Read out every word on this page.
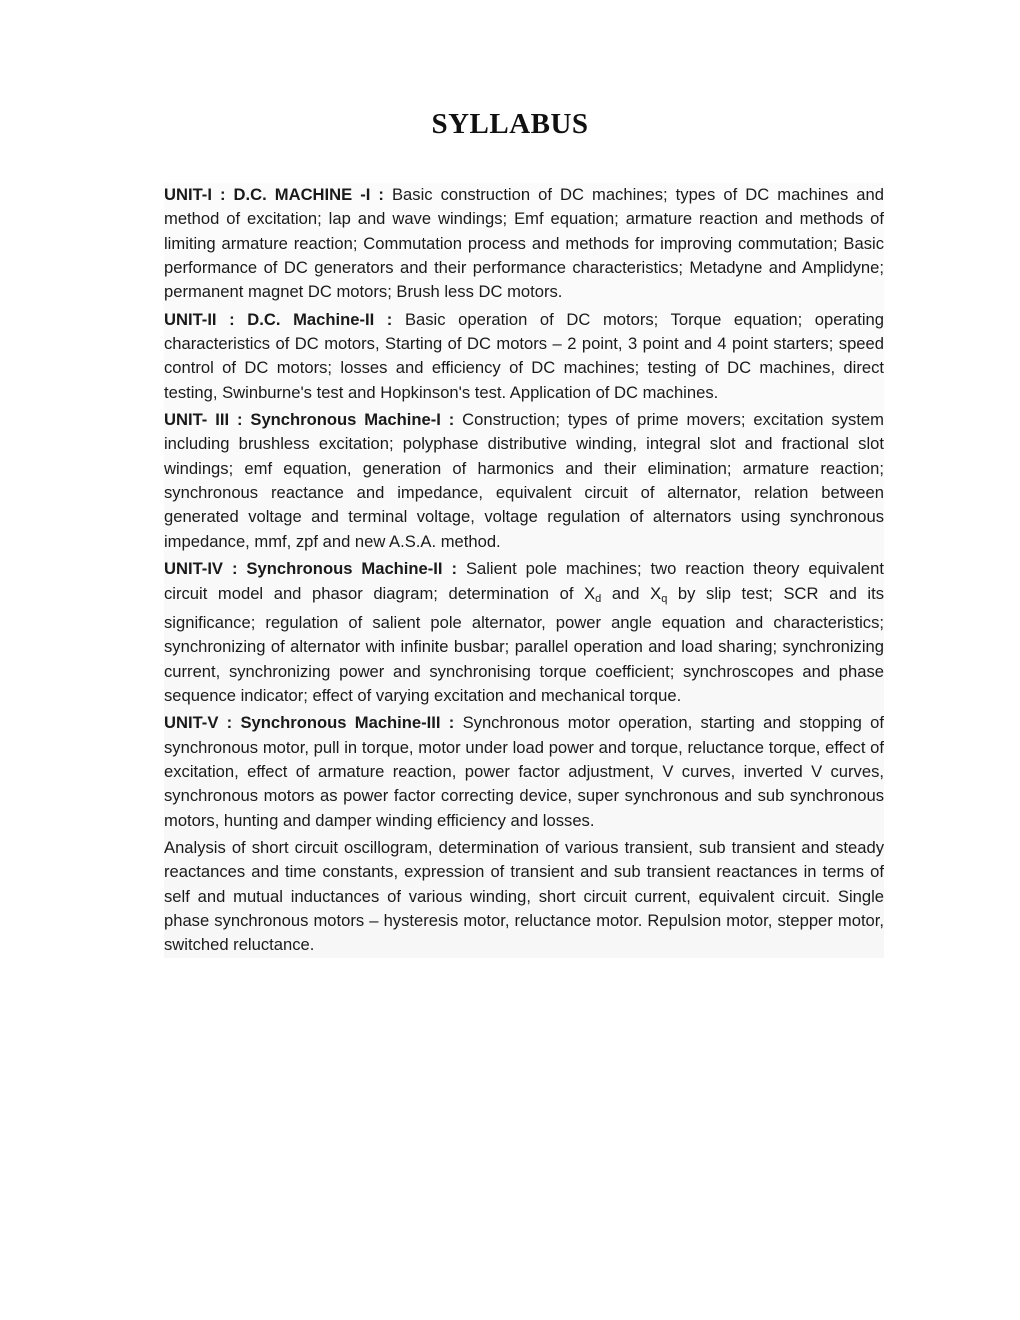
SYLLABUS

UNIT-I : D.C. MACHINE -I : Basic construction of DC machines; types of DC machines and method of excitation; lap and wave windings; Emf equation; armature reaction and methods of limiting armature reaction; Commutation process and methods for improving commutation; Basic performance of DC generators and their performance characteristics; Metadyne and Amplidyne; permanent magnet DC motors; Brush less DC motors.

UNIT-II : D.C. Machine-II : Basic operation of DC motors; Torque equation; operating characteristics of DC motors, Starting of DC motors – 2 point, 3 point and 4 point starters; speed control of DC motors; losses and efficiency of DC machines; testing of DC machines, direct testing, Swinburne's test and Hopkinson's test. Application of DC machines.

UNIT- III : Synchronous Machine-I : Construction; types of prime movers; excitation system including brushless excitation; polyphase distributive winding, integral slot and fractional slot windings; emf equation, generation of harmonics and their elimination; armature reaction; synchronous reactance and impedance, equivalent circuit of alternator, relation between generated voltage and terminal voltage, voltage regulation of alternators using synchronous impedance, mmf, zpf and new A.S.A. method.

UNIT-IV : Synchronous Machine-II : Salient pole machines; two reaction theory equivalent circuit model and phasor diagram; determination of $X_d$ and $X_q$ by slip test; SCR and its significance; regulation of salient pole alternator, power angle equation and characteristics; synchronizing of alternator with infinite busbar; parallel operation and load sharing; synchronizing current, synchronizing power and synchronising torque coefficient; synchroscopes and phase sequence indicator; effect of varying excitation and mechanical torque.

UNIT-V : Synchronous Machine-III : Synchronous motor operation, starting and stopping of synchronous motor, pull in torque, motor under load power and torque, reluctance torque, effect of excitation, effect of armature reaction, power factor adjustment, V curves, inverted V curves, synchronous motors as power factor correcting device, super synchronous and sub synchronous motors, hunting and damper winding efficiency and losses.

Analysis of short circuit oscillogram, determination of various transient, sub transient and steady reactances and time constants, expression of transient and sub transient reactances in terms of self and mutual inductances of various winding, short circuit current, equivalent circuit. Single phase synchronous motors – hysteresis motor, reluctance motor. Repulsion motor, stepper motor, switched reluctance.
